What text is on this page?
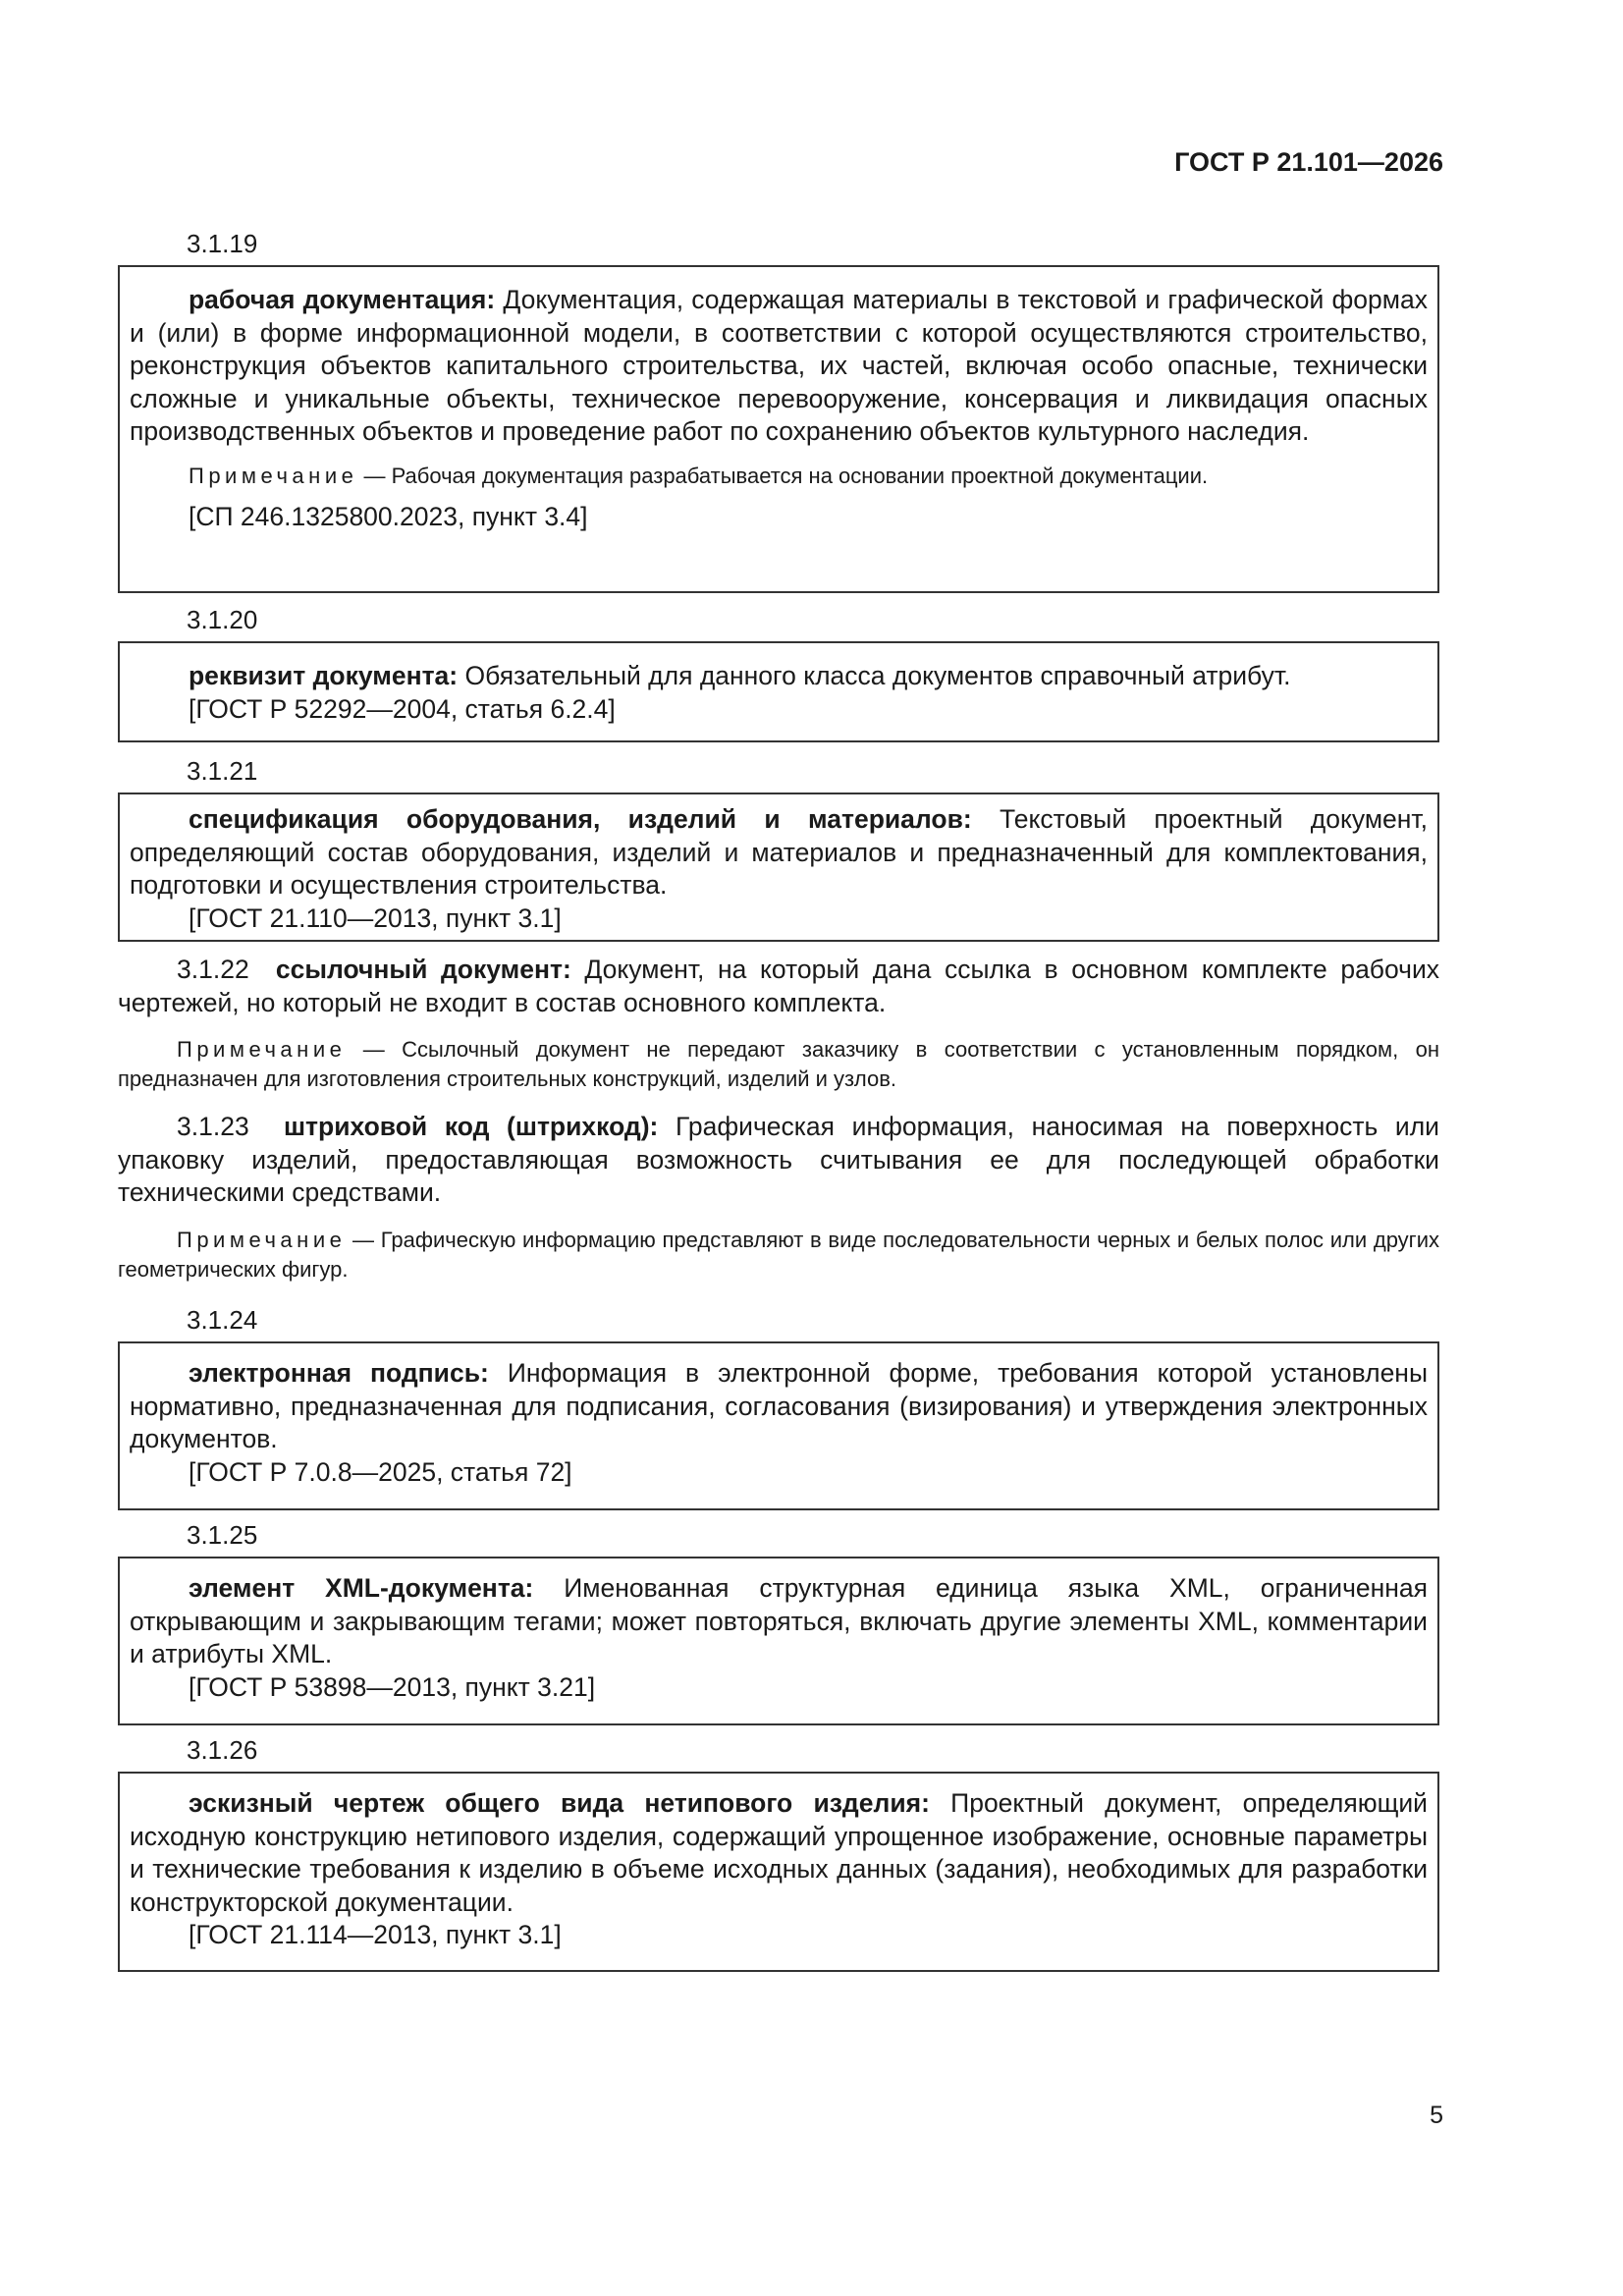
ГОСТ Р 21.101—2026
3.1.19

рабочая документация: Документация, содержащая материалы в текстовой и графической формах и (или) в форме информационной модели, в соответствии с которой осуществляются строительство, реконструкция объектов капитального строительства, их частей, включая особо опасные, технически сложные и уникальные объекты, техническое перевооружение, консервация и ликвидация опасных производственных объектов и проведение работ по сохранению объектов культурного наследия.

Примечание — Рабочая документация разрабатывается на основании проектной документации.

[СП 246.1325800.2023, пункт 3.4]

3.1.20

реквизит документа: Обязательный для данного класса документов справочный атрибут.

[ГОСТ Р 52292—2004, статья 6.2.4]

3.1.21

спецификация оборудования, изделий и материалов: Текстовый проектный документ, определяющий состав оборудования, изделий и материалов и предназначенный для комплектования, подготовки и осуществления строительства.

[ГОСТ 21.110—2013, пункт 3.1]

3.1.22 ссылочный документ: Документ, на который дана ссылка в основном комплекте рабочих чертежей, но который не входит в состав основного комплекта.

Примечание — Ссылочный документ не передают заказчику в соответствии с установленным порядком, он предназначен для изготовления строительных конструкций, изделий и узлов.

3.1.23 штриховой код (штрихкод): Графическая информация, наносимая на поверхность или упаковку изделий, предоставляющая возможность считывания ее для последующей обработки техническими средствами.

Примечание — Графическую информацию представляют в виде последовательности черных и белых полос или других геометрических фигур.

3.1.24

электронная подпись: Информация в электронной форме, требования которой установлены нормативно, предназначенная для подписания, согласования (визирования) и утверждения электронных документов.

[ГОСТ Р 7.0.8—2025, статья 72]

3.1.25

элемент XML-документа: Именованная структурная единица языка XML, ограниченная открывающим и закрывающим тегами; может повторяться, включать другие элементы XML, комментарии и атрибуты XML.

[ГОСТ Р 53898—2013, пункт 3.21]

3.1.26

эскизный чертеж общего вида нетипового изделия: Проектный документ, определяющий исходную конструкцию нетипового изделия, содержащий упрощенное изображение, основные параметры и технические требования к изделию в объеме исходных данных (задания), необходимых для разработки конструкторской документации.

[ГОСТ 21.114—2013, пункт 3.1]

5
